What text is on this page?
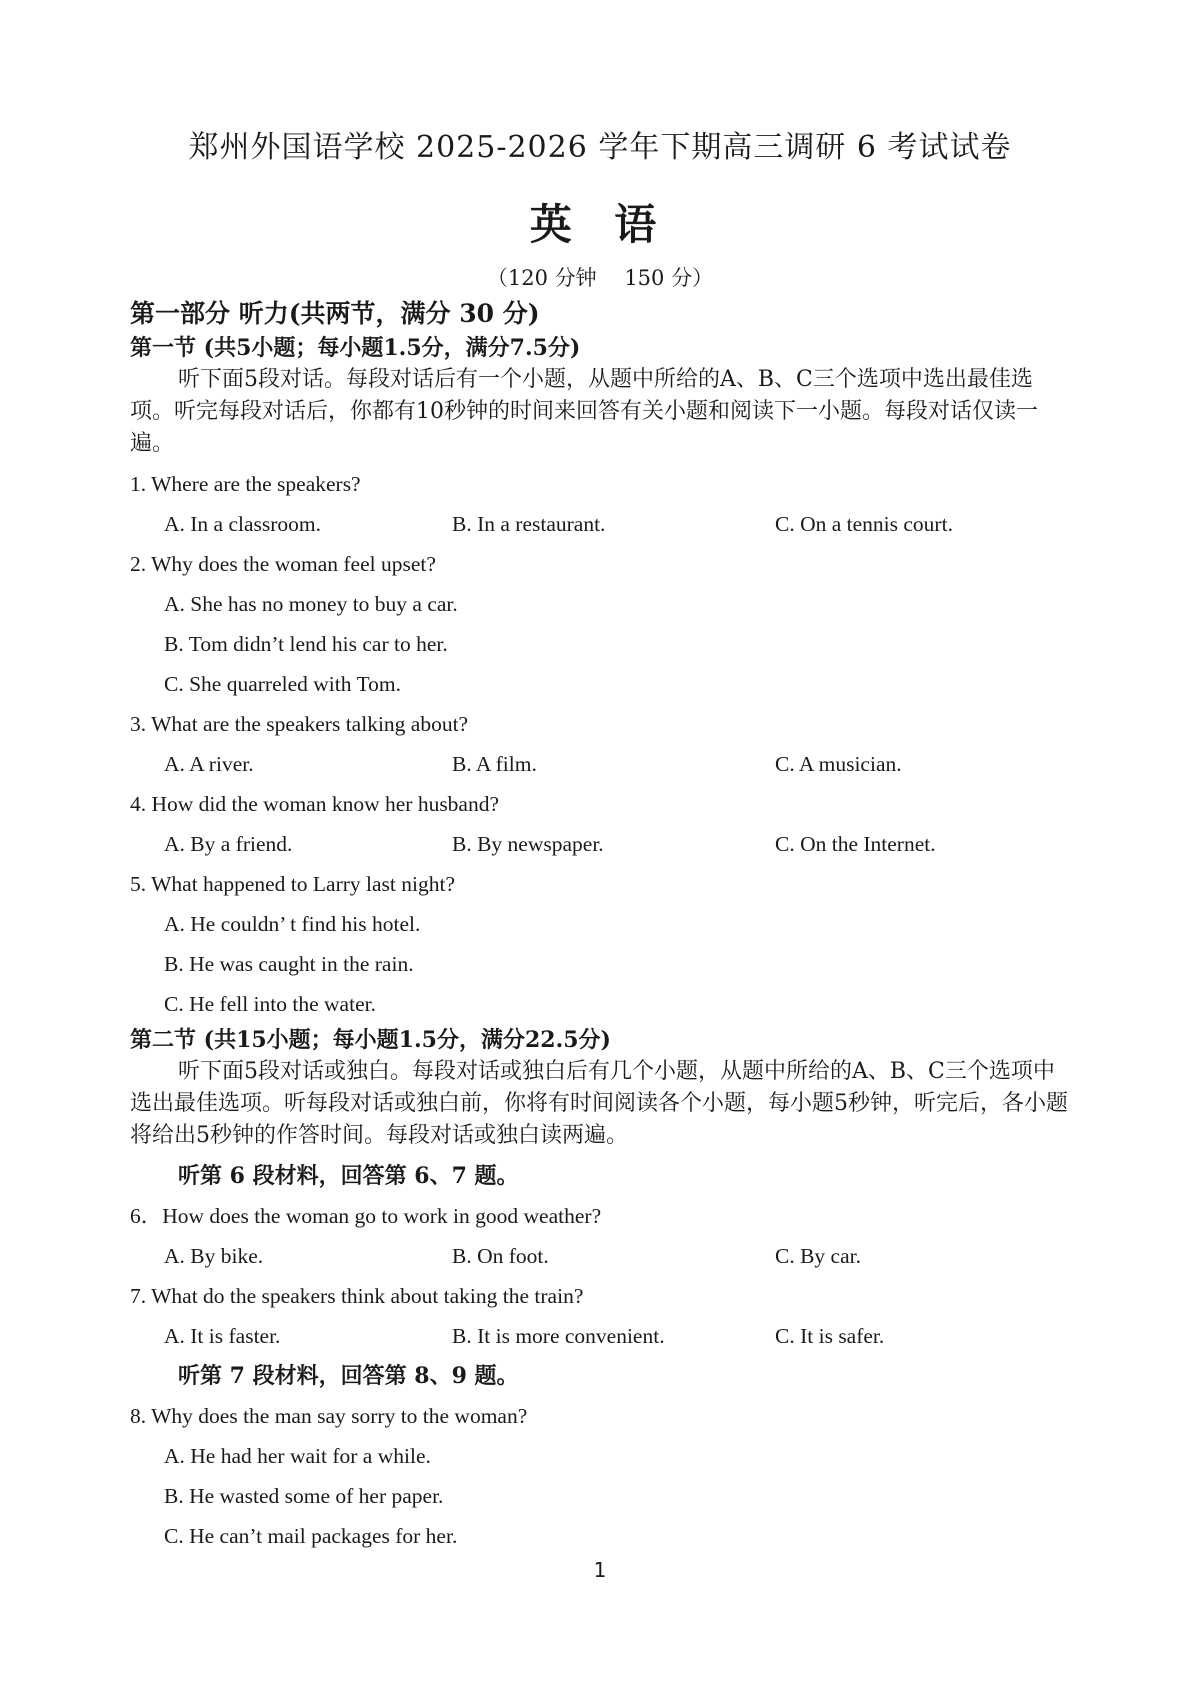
郑州外国语学校 2025-2026 学年下期高三调研 6 考试试卷
英 语
（120 分钟　 150 分）

第一部分 听力(共两节，满分 30 分)

第一节 (共5小题；每小题1.5分，满分7.5分)

听下面5段对话。每段对话后有一个小题，从题中所给的A、B、C三个选项中选出最佳选项。听完每段对话后，你都有10秒钟的时间来回答有关小题和阅读下一小题。每段对话仅读一遍。

1. Where are the speakers?

A. In a classroom.	B. In a restaurant.	C. On a tennis court.

2. Why does the woman feel upset?

A. She has no money to buy a car.

B. Tom didn’t lend his car to her.

C. She quarreled with Tom.

3. What are the speakers talking about?

A. A river.	B. A film.	C. A musician.

4. How did the woman know her husband?

A. By a friend.	B. By newspaper.	C. On the Internet.

5. What happened to Larry last night?

A. He couldn’ t find his hotel.

B. He was caught in the rain.

C. He fell into the water.

第二节 (共15小题；每小题1.5分，满分22.5分)

听下面5段对话或独白。每段对话或独白后有几个小题，从题中所给的A、B、C三个选项中选出最佳选项。听每段对话或独白前，你将有时间阅读各个小题，每小题5秒钟，听完后，各小题将给出5秒钟的作答时间。每段对话或独白读两遍。

听第 6 段材料，回答第 6、7 题。

6．How does the woman go to work in good weather?

A. By bike.	B. On foot.	C. By car.

7. What do the speakers think about taking the train?

A. It is faster.	B. It is more convenient.	C. It is safer.

听第 7 段材料，回答第 8、9 题。

8. Why does the man say sorry to the woman?

A. He had her wait for a while.

B. He wasted some of her paper.

C. He can’t mail packages for her.

1
